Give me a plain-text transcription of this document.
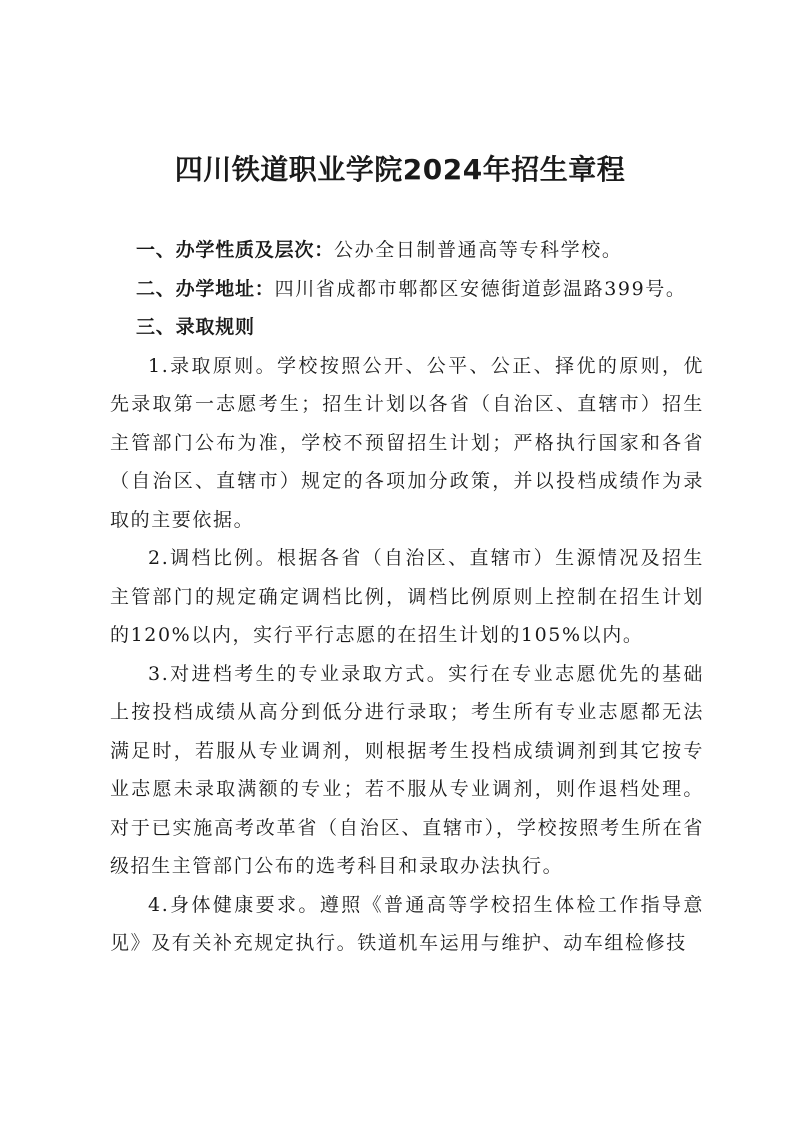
四川铁道职业学院2024年招生章程

一、办学性质及层次：公办全日制普通高等专科学校。

二、办学地址：四川省成都市郫都区安德街道彭温路399号。

三、录取规则

1.录取原则。学校按照公开、公平、公正、择优的原则，优先录取第一志愿考生；招生计划以各省（自治区、直辖市）招生主管部门公布为准，学校不预留招生计划；严格执行国家和各省（自治区、直辖市）规定的各项加分政策，并以投档成绩作为录取的主要依据。

2.调档比例。根据各省（自治区、直辖市）生源情况及招生主管部门的规定确定调档比例，调档比例原则上控制在招生计划的120%以内，实行平行志愿的在招生计划的105%以内。

3.对进档考生的专业录取方式。实行在专业志愿优先的基础上按投档成绩从高分到低分进行录取；考生所有专业志愿都无法满足时，若服从专业调剂，则根据考生投档成绩调剂到其它按专业志愿未录取满额的专业；若不服从专业调剂，则作退档处理。对于已实施高考改革省（自治区、直辖市），学校按照考生所在省级招生主管部门公布的选考科目和录取办法执行。

4.身体健康要求。遵照《普通高等学校招生体检工作指导意见》及有关补充规定执行。铁道机车运用与维护、动车组检修技
